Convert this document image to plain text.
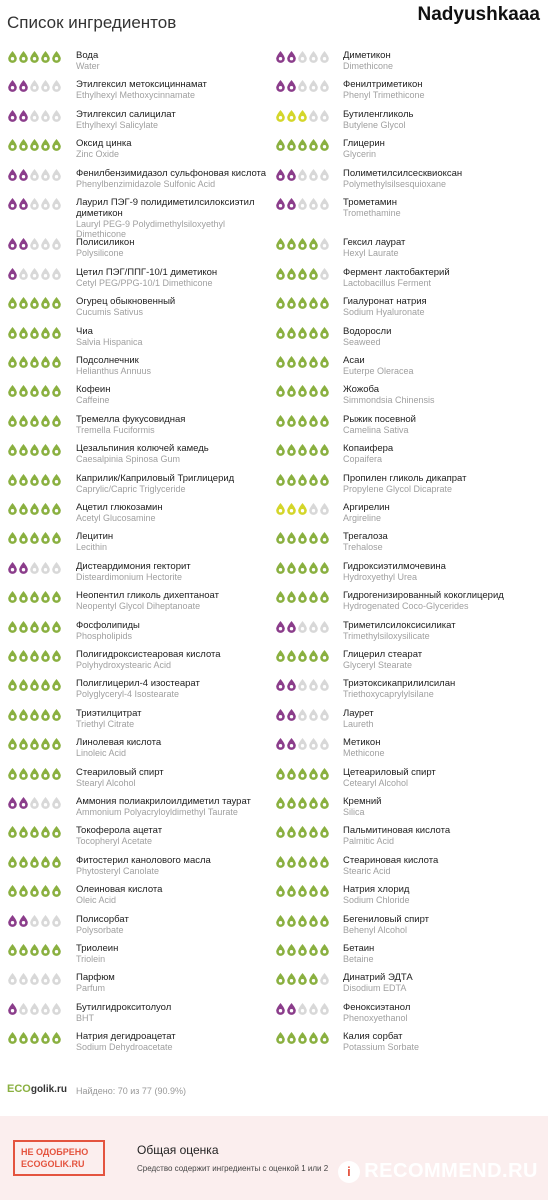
Список ингредиентов	Nadyushkaaa
Вода
Water
Этилгексил метоксициннамат
Ethylhexyl Methoxycinnamate
Этилгексил салицилат
Ethylhexyl Salicylate
Оксид цинка
Zinc Oxide
Фенилбензимидазол сульфоновая кислота
Phenylbenzimidazole Sulfonic Acid
Лаурил ПЭГ-9 полидиметилсилоксиэтил диметикон
Lauryl PEG-9 Polydimethylsiloxyethyl Dimethicone
Полисиликон
Polysilicone
Цетил ПЭГ/ППГ-10/1 диметикон
Cetyl PEG/PPG-10/1 Dimethicone
Огурец обыкновенный
Cucumis Sativus
Чиа
Salvia Hispanica
Подсолнечник
Helianthus Annuus
Кофеин
Caffeine
Тремелла фукусовидная
Tremella Fuciformis
Цезальпиния колючей камедь
Caesalpinia Spinosa Gum
Каприлик/Каприловый Триглицерид
Caprylic/Capric Triglyceride
Ацетил глюкозамин
Acetyl Glucosamine
Лецитин
Lecithin
Дистеардимония гекторит
Disteardimonium Hectorite
Неопентил гликоль дихептаноат
Neopentyl Glycol Diheptanoate
Фосфолипиды
Phospholipids
Полигидроксистеаровая кислота
Polyhydroxystearic Acid
Полиглицерил-4 изостеарат
Polyglyceryl-4 Isostearate
Триэтилцитрат
Triethyl Citrate
Линолевая кислота
Linoleic Acid
Стеариловый спирт
Stearyl Alcohol
Аммония полиакрилоилдиметил таурат
Ammonium Polyacryloyldimethyl Taurate
Токоферола ацетат
Tocopheryl Acetate
Фитостерил канолового масла
Phytosteryl Canolate
Олеиновая кислота
Oleic Acid
Полисорбат
Polysorbate
Триолеин
Triolein
Парфюм
Parfum
Бутилгидрокситолуол
BHT
Натрия дегидроацетат
Sodium Dehydroacetate
Диметикон
Dimethicone
Фенилтриметикон
Phenyl Trimethicone
Бутиленгликоль
Butylene Glycol
Глицерин
Glycerin
Полиметилсилсесквиоксан
Polymethylsilsesquioxane
Трометамин
Tromethamine
Гексил лаурат
Hexyl Laurate
Фермент лактобактерий
Lactobacillus Ferment
Гиалуронат натрия
Sodium Hyaluronate
Водоросли
Seaweed
Асаи
Euterpe Oleracea
Жожоба
Simmondsia Chinensis
Рыжик посевной
Camelina Sativa
Копаифера
Copaifera
Пропилен гликоль дикапрат
Propylene Glycol Dicaprate
Аргирелин
Argireline
Трегалоза
Trehalose
Гидроксиэтилмочевина
Hydroxyethyl Urea
Гидрогенизированный кокоглицерид
Hydrogenated Coco-Glycerides
Триметилсилоксисиликат
Trimethylsiloxysilicate
Глицерил стеарат
Glyceryl Stearate
Триэтоксикаприлилсилан
Triethoxycaprylylsilane
Лаурет
Laureth
Метикон
Methicone
Цетеариловый спирт
Cetearyl Alcohol
Кремний
Silica
Пальмитиновая кислота
Palmitic Acid
Стеариновая кислота
Stearic Acid
Натрия хлорид
Sodium Chloride
Бегениловый спирт
Behenyl Alcohol
Бетаин
Betaine
Динатрий ЭДТА
Disodium EDTA
Феноксиэтанол
Phenoxyethanol
Калия сорбат
Potassium Sorbate
ECO golik.ru Найдено: 70 из 77 (90.9%)
НЕ ОДОБРЕНО
ECOGOLIK.RU
Общая оценка
Средство содержит ингредиенты с оценкой 1 или 2	i RECOMMEND.RU
